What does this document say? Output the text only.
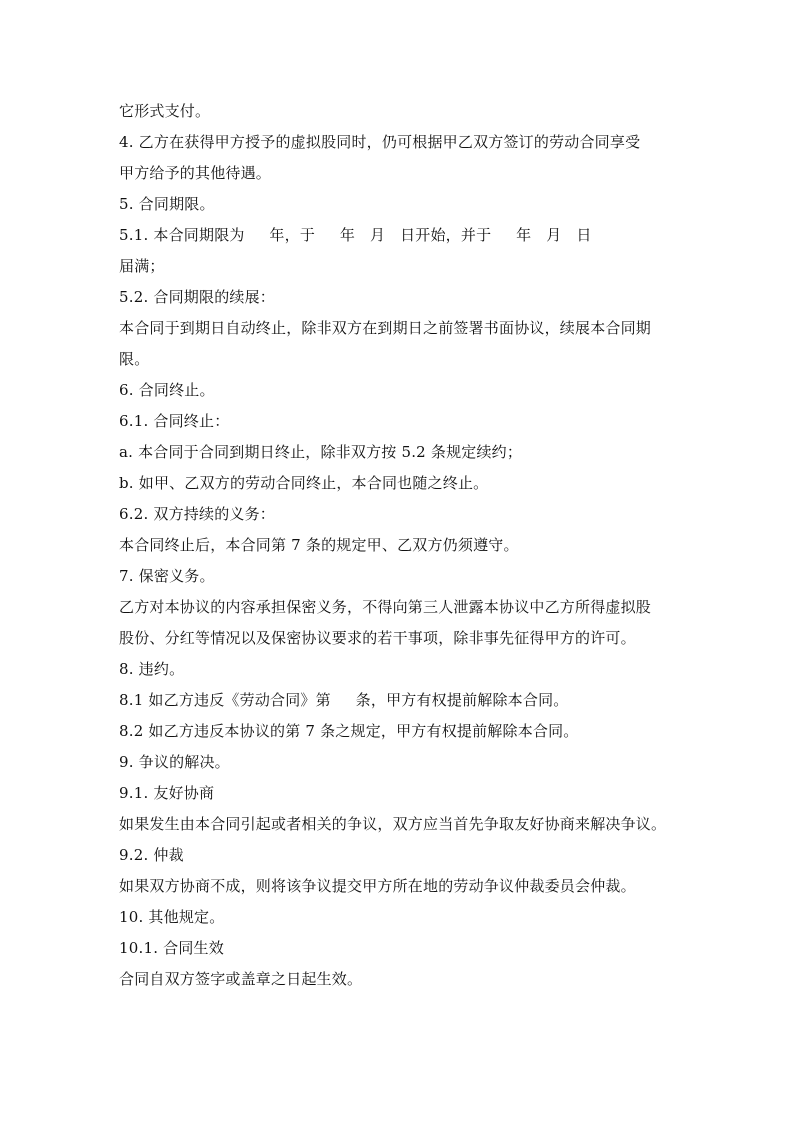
它形式支付。
4. 乙方在获得甲方授予的虚拟股同时，仍可根据甲乙双方签订的劳动合同享受
甲方给予的其他待遇。
5. 合同期限。
5.1. 本合同期限为     年，于     年   月   日开始，并于     年   月   日
届满；
5.2. 合同期限的续展：
本合同于到期日自动终止，除非双方在到期日之前签署书面协议，续展本合同期
限。
6. 合同终止。
6.1. 合同终止：
a. 本合同于合同到期日终止，除非双方按 5.2 条规定续约；
b. 如甲、乙双方的劳动合同终止，本合同也随之终止。
6.2. 双方持续的义务：
本合同终止后，本合同第 7 条的规定甲、乙双方仍须遵守。
7. 保密义务。
乙方对本协议的内容承担保密义务，不得向第三人泄露本协议中乙方所得虚拟股
股份、分红等情况以及保密协议要求的若干事项，除非事先征得甲方的许可。
8. 违约。
8.1 如乙方违反《劳动合同》第     条，甲方有权提前解除本合同。
8.2 如乙方违反本协议的第 7 条之规定，甲方有权提前解除本合同。
9. 争议的解决。
9.1. 友好协商
如果发生由本合同引起或者相关的争议，双方应当首先争取友好协商来解决争议。
9.2. 仲裁
如果双方协商不成，则将该争议提交甲方所在地的劳动争议仲裁委员会仲裁。
10. 其他规定。
10.1. 合同生效
合同自双方签字或盖章之日起生效。
